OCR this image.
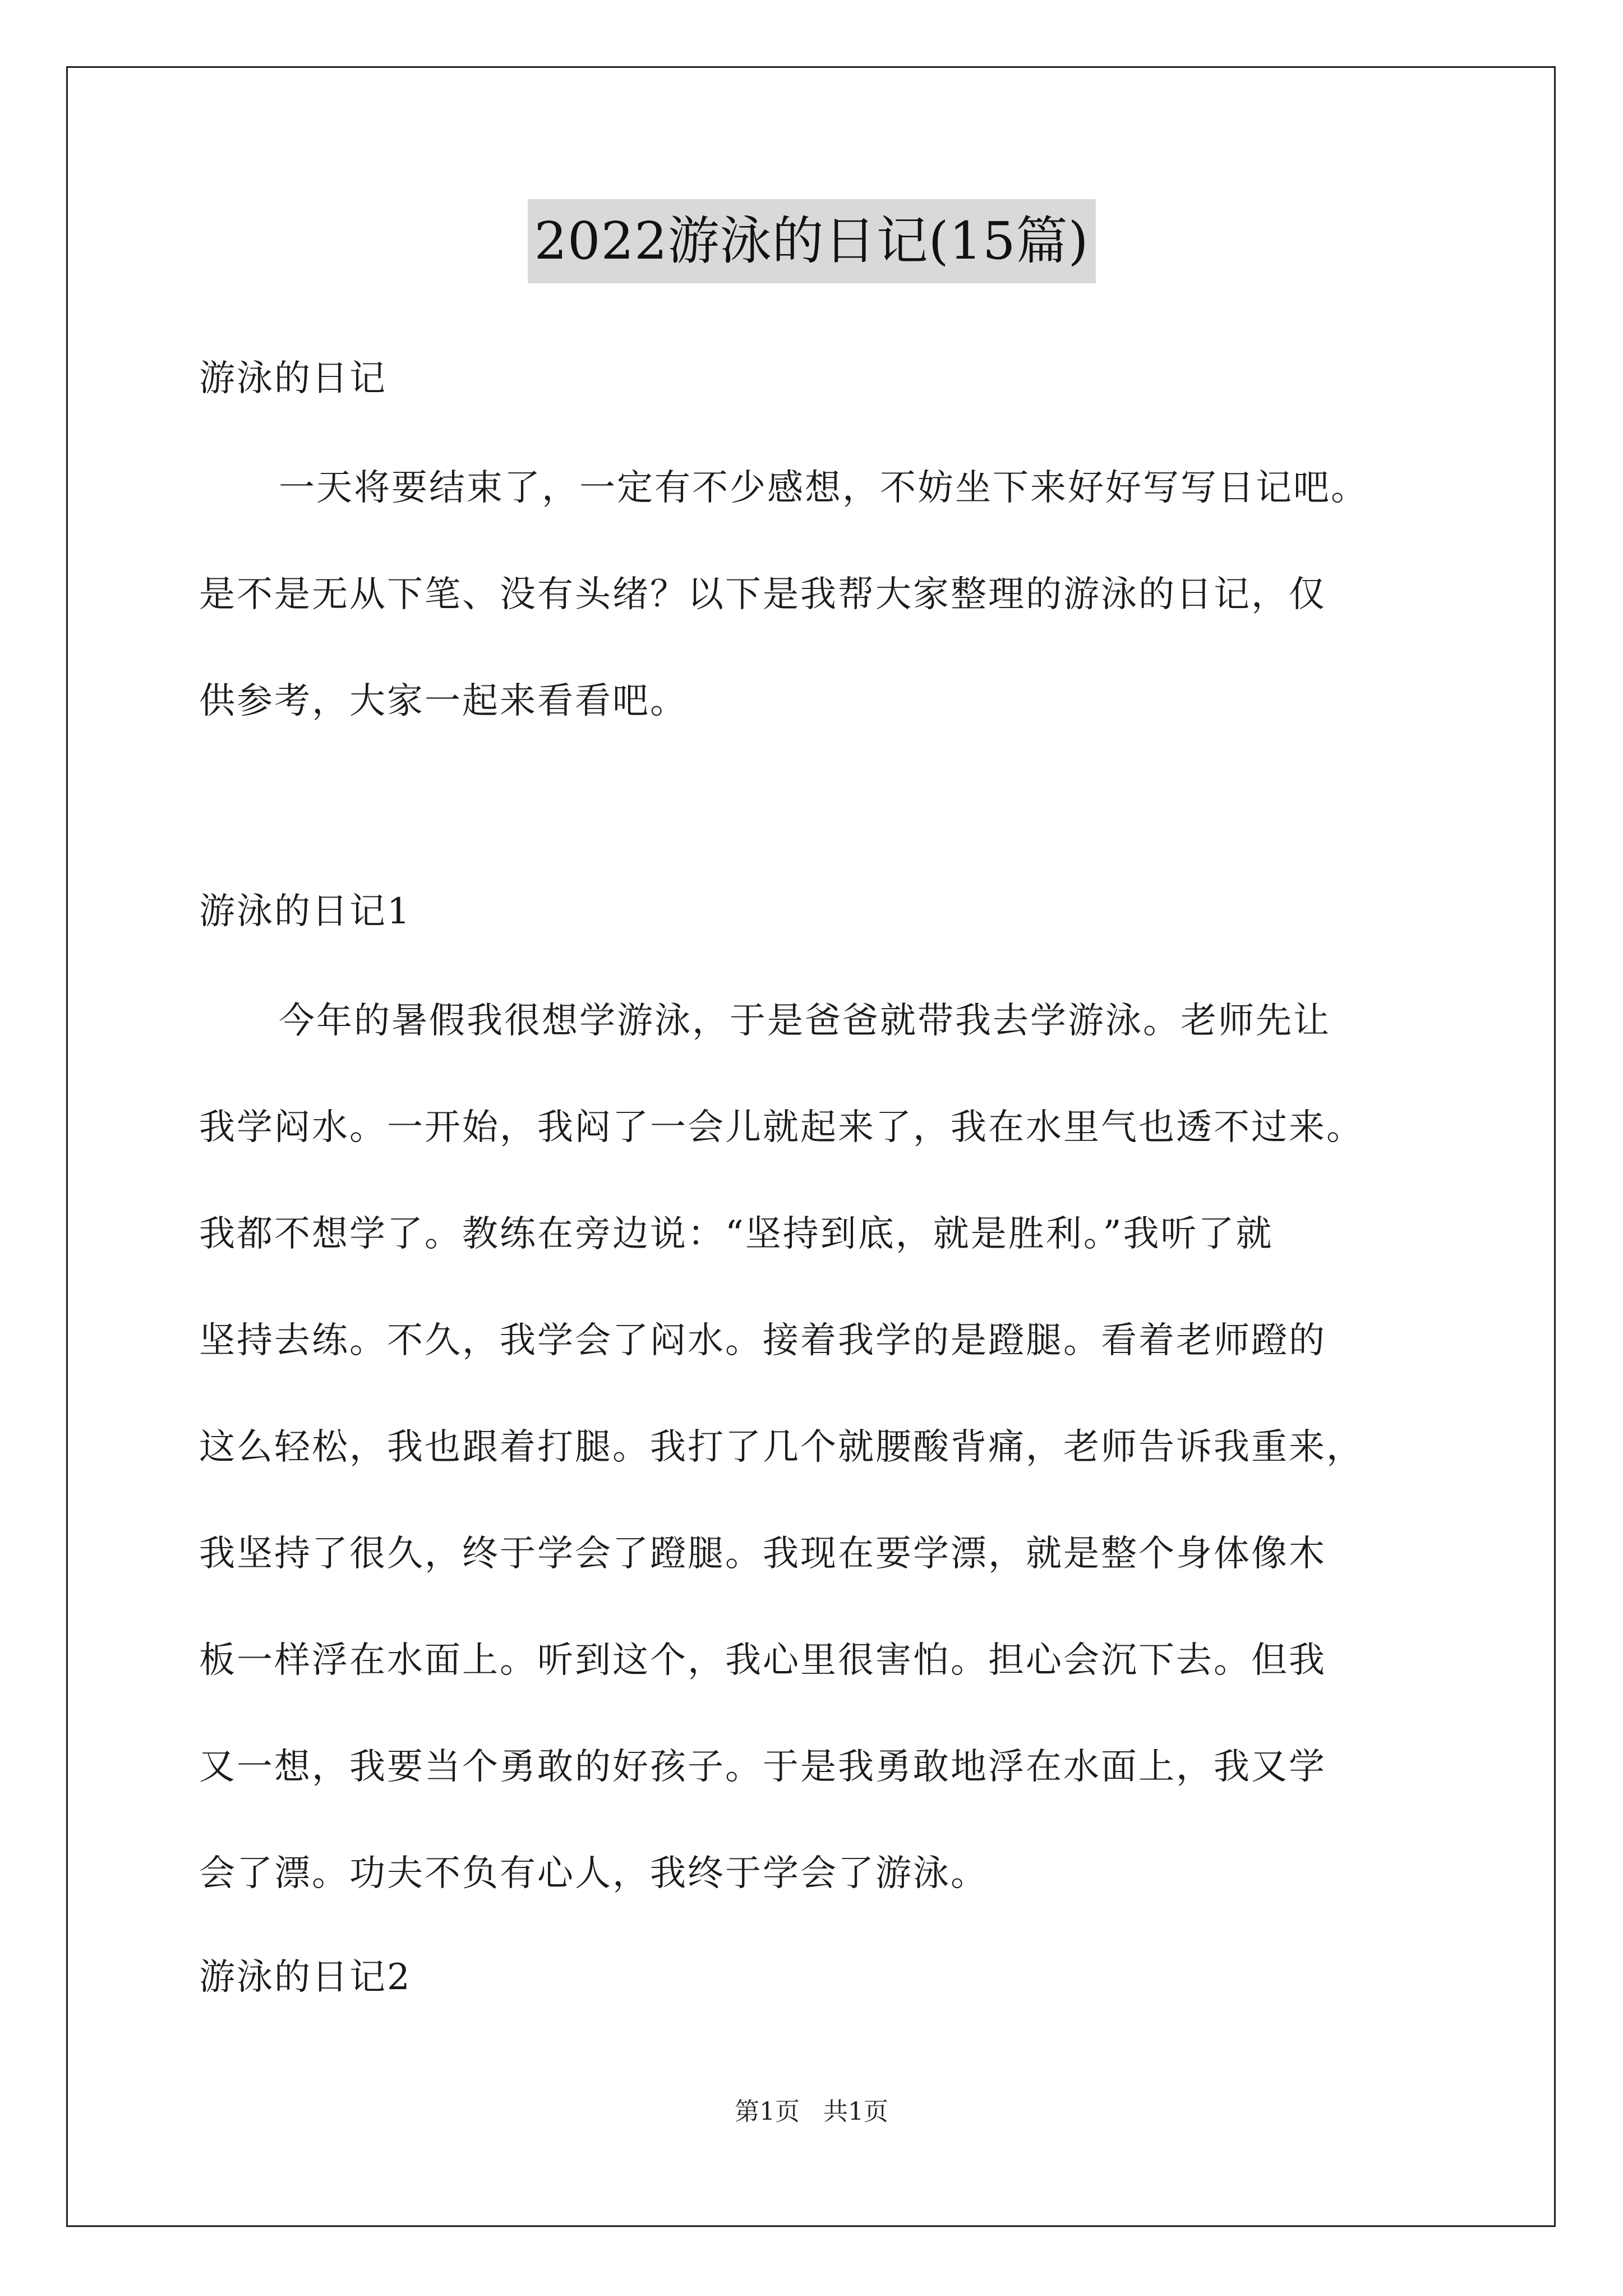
2022游泳的日记(15篇)
游泳的日记
一天将要结束了，一定有不少感想，不妨坐下来好好写写日记吧。
是不是无从下笔、没有头绪？以下是我帮大家整理的游泳的日记，仅
供参考，大家一起来看看吧。
游泳的日记1
今年的暑假我很想学游泳，于是爸爸就带我去学游泳。老师先让
我学闷水。一开始，我闷了一会儿就起来了，我在水里气也透不过来。
我都不想学了。教练在旁边说：“坚持到底，就是胜利。”我听了就
坚持去练。不久，我学会了闷水。接着我学的是蹬腿。看着老师蹬的
这么轻松，我也跟着打腿。我打了几个就腰酸背痛，老师告诉我重来，
我坚持了很久，终于学会了蹬腿。我现在要学漂，就是整个身体像木
板一样浮在水面上。听到这个，我心里很害怕。担心会沉下去。但我
又一想，我要当个勇敢的好孩子。于是我勇敢地浮在水面上，我又学
会了漂。功夫不负有心人，我终于学会了游泳。
游泳的日记2
第1页   共1页
